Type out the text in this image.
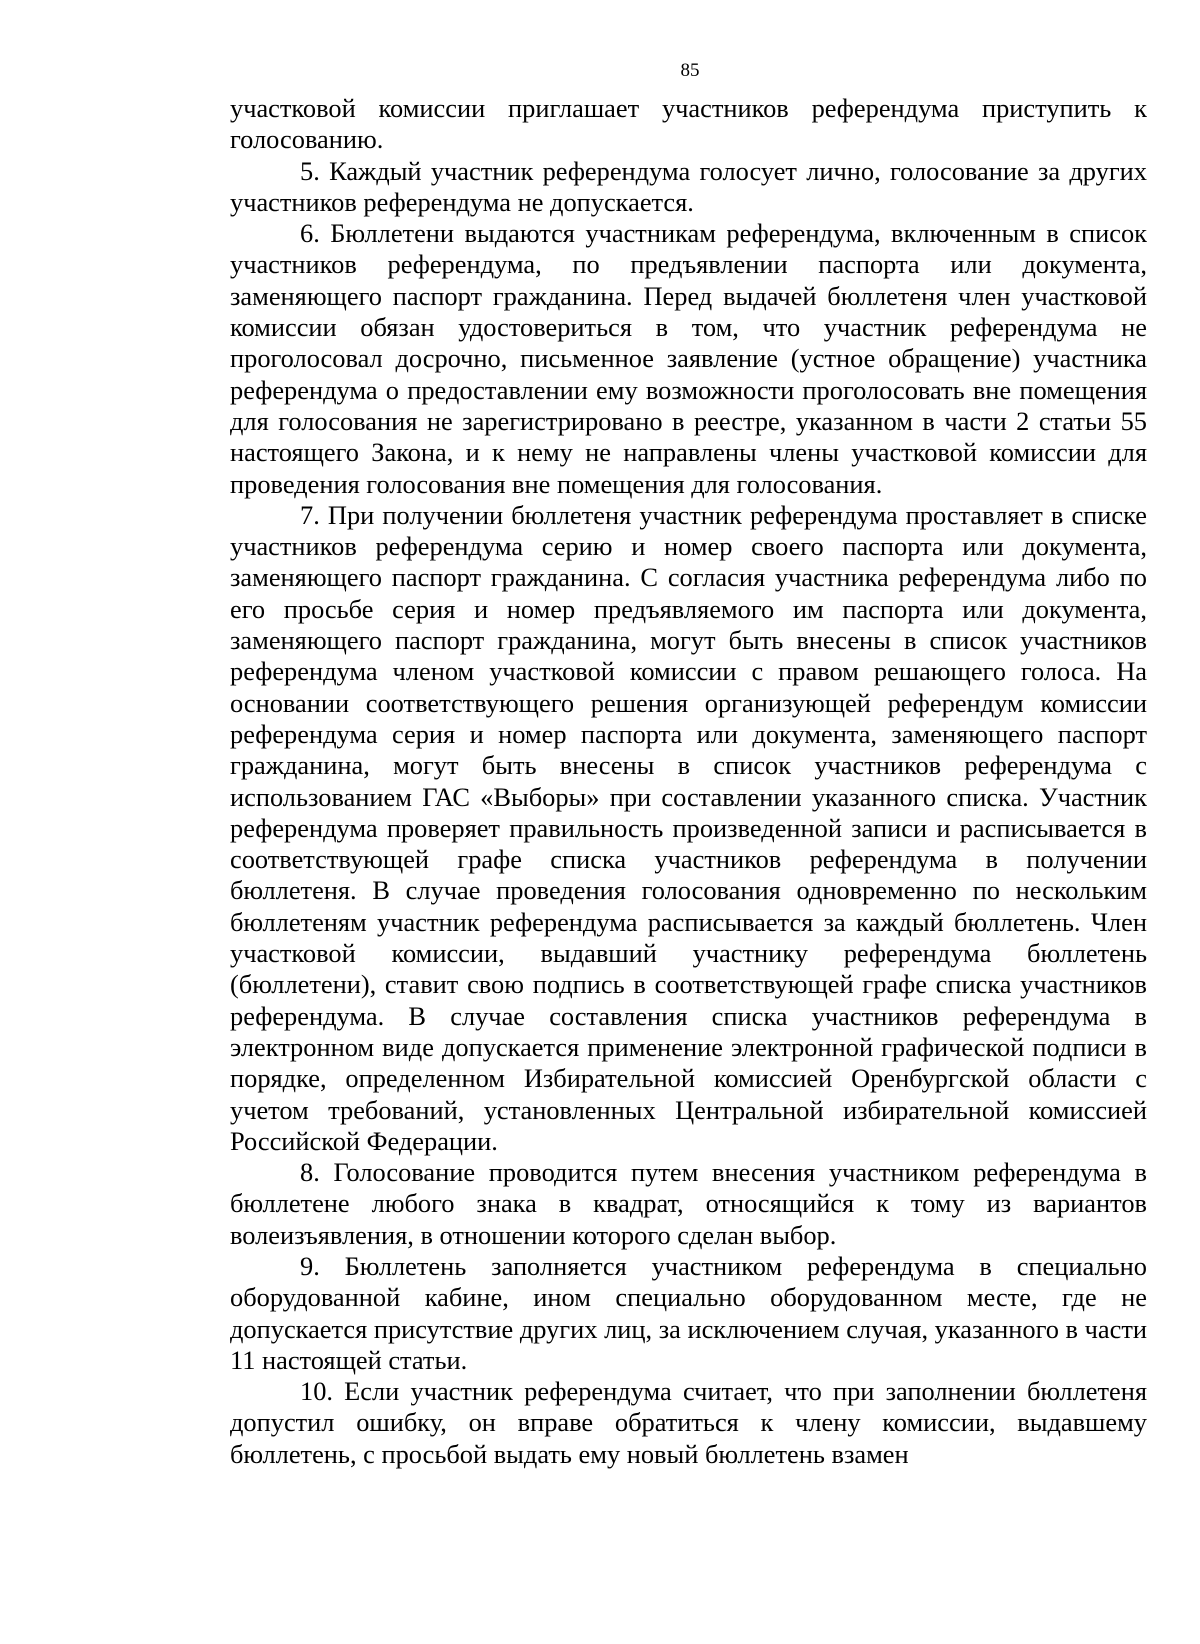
85

участковой комиссии приглашает участников референдума приступить к голосованию.

5. Каждый участник референдума голосует лично, голосование за других участников референдума не допускается.

6. Бюллетени выдаются участникам референдума, включенным в список участников референдума, по предъявлении паспорта или документа, заменяющего паспорт гражданина. Перед выдачей бюллетеня член участковой комиссии обязан удостовериться в том, что участник референдума не проголосовал досрочно, письменное заявление (устное обращение) участника референдума о предоставлении ему возможности проголосовать вне помещения для голосования не зарегистрировано в реестре, указанном в части 2 статьи 55 настоящего Закона, и к нему не направлены члены участковой комиссии для проведения голосования вне помещения для голосования.

7. При получении бюллетеня участник референдума проставляет в списке участников референдума серию и номер своего паспорта или документа, заменяющего паспорт гражданина. С согласия участника референдума либо по его просьбе серия и номер предъявляемого им паспорта или документа, заменяющего паспорт гражданина, могут быть внесены в список участников референдума членом участковой комиссии с правом решающего голоса. На основании соответствующего решения организующей референдум комиссии референдума серия и номер паспорта или документа, заменяющего паспорт гражданина, могут быть внесены в список участников референдума с использованием ГАС «Выборы» при составлении указанного списка. Участник референдума проверяет правильность произведенной записи и расписывается в соответствующей графе списка участников референдума в получении бюллетеня. В случае проведения голосования одновременно по нескольким бюллетеням участник референдума расписывается за каждый бюллетень. Член участковой комиссии, выдавший участнику референдума бюллетень (бюллетени), ставит свою подпись в соответствующей графе списка участников референдума. В случае составления списка участников референдума в электронном виде допускается применение электронной графической подписи в порядке, определенном Избирательной комиссией Оренбургской области с учетом требований, установленных Центральной избирательной комиссией Российской Федерации.

8. Голосование проводится путем внесения участником референдума в бюллетене любого знака в квадрат, относящийся к тому из вариантов волеизъявления, в отношении которого сделан выбор.

9. Бюллетень заполняется участником референдума в специально оборудованной кабине, ином специально оборудованном месте, где не допускается присутствие других лиц, за исключением случая, указанного в части 11 настоящей статьи.

10. Если участник референдума считает, что при заполнении бюллетеня допустил ошибку, он вправе обратиться к члену комиссии, выдавшему бюллетень, с просьбой выдать ему новый бюллетень взамен
